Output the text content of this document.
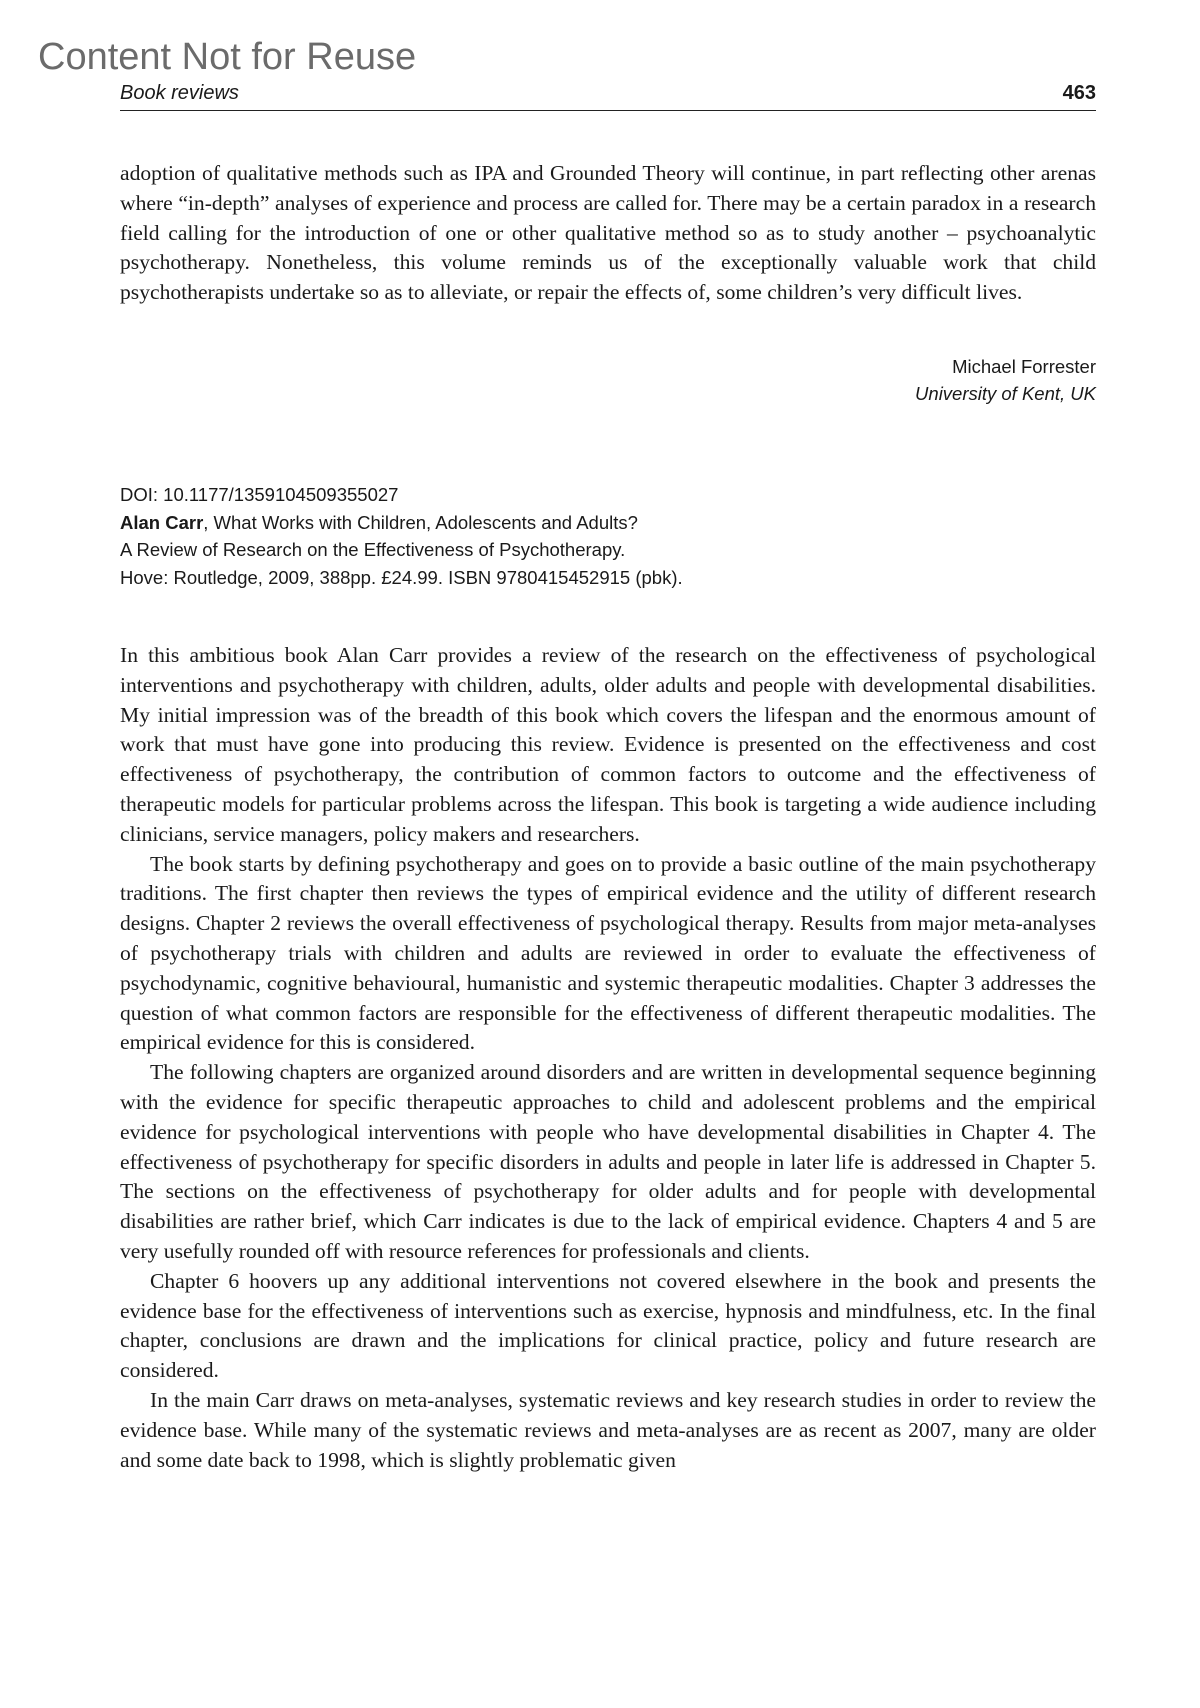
Content Not for Reuse
Book reviews	463

adoption of qualitative methods such as IPA and Grounded Theory will continue, in part reflecting other arenas where “in-depth” analyses of experience and process are called for. There may be a certain paradox in a research field calling for the introduction of one or other qualitative method so as to study another – psychoanalytic psychotherapy. Nonetheless, this volume reminds us of the exceptionally valuable work that child psychotherapists undertake so as to alleviate, or repair the effects of, some children’s very difficult lives.

Michael Forrester
University of Kent, UK
DOI: 10.1177/1359104509355027
Alan Carr, What Works with Children, Adolescents and Adults?
A Review of Research on the Effectiveness of Psychotherapy.
Hove: Routledge, 2009, 388pp. £24.99. ISBN 9780415452915 (pbk).

In this ambitious book Alan Carr provides a review of the research on the effectiveness of psychological interventions and psychotherapy with children, adults, older adults and people with developmental disabilities. My initial impression was of the breadth of this book which covers the lifespan and the enormous amount of work that must have gone into producing this review. Evidence is presented on the effectiveness and cost effectiveness of psychotherapy, the contribution of common factors to outcome and the effectiveness of therapeutic models for particular problems across the lifespan. This book is targeting a wide audience including clinicians, service managers, policy makers and researchers.

The book starts by defining psychotherapy and goes on to provide a basic outline of the main psychotherapy traditions. The first chapter then reviews the types of empirical evidence and the utility of different research designs. Chapter 2 reviews the overall effectiveness of psychological therapy. Results from major meta-analyses of psychotherapy trials with children and adults are reviewed in order to evaluate the effectiveness of psychodynamic, cognitive behavioural, humanistic and systemic therapeutic modalities. Chapter 3 addresses the question of what common factors are responsible for the effectiveness of different therapeutic modalities. The empirical evidence for this is considered.

The following chapters are organized around disorders and are written in developmental sequence beginning with the evidence for specific therapeutic approaches to child and adolescent problems and the empirical evidence for psychological interventions with people who have developmental disabilities in Chapter 4. The effectiveness of psychotherapy for specific disorders in adults and people in later life is addressed in Chapter 5. The sections on the effectiveness of psychotherapy for older adults and for people with developmental disabilities are rather brief, which Carr indicates is due to the lack of empirical evidence. Chapters 4 and 5 are very usefully rounded off with resource references for professionals and clients.

Chapter 6 hoovers up any additional interventions not covered elsewhere in the book and presents the evidence base for the effectiveness of interventions such as exercise, hypnosis and mindfulness, etc. In the final chapter, conclusions are drawn and the implications for clinical practice, policy and future research are considered.

In the main Carr draws on meta-analyses, systematic reviews and key research studies in order to review the evidence base. While many of the systematic reviews and meta-analyses are as recent as 2007, many are older and some date back to 1998, which is slightly problematic given
